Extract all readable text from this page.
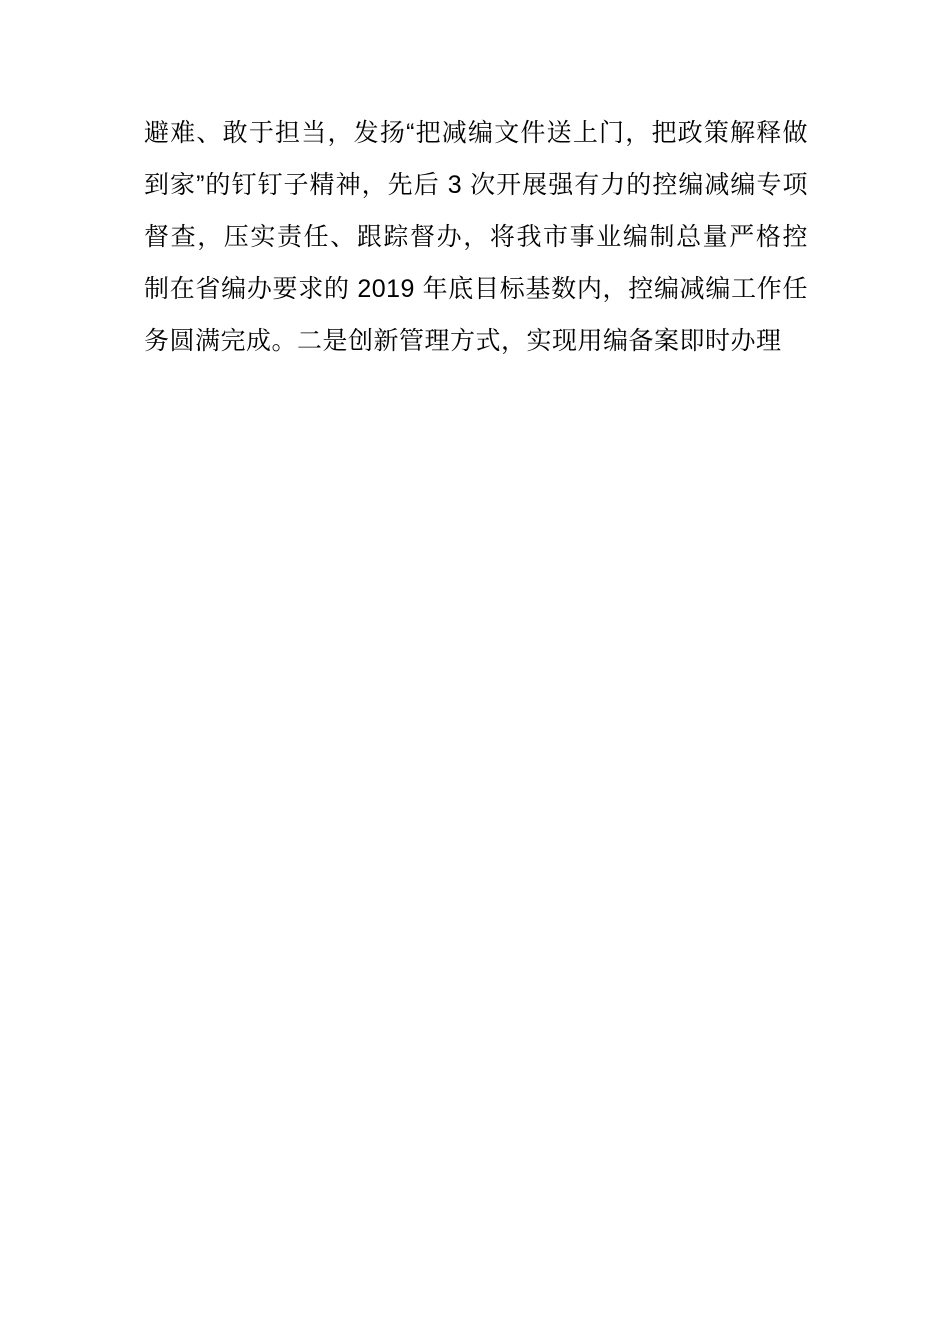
避难、敢于担当，发扬“把减编文件送上门，把政策解释做
到家”的钉钉子精神，先后 3 次开展强有力的控编减编专项
督查，压实责任、跟踪督办，将我市事业编制总量严格控
制在省编办要求的 2019 年底目标基数内，控编减编工作任
务圆满完成。二是创新管理方式，实现用编备案即时办理
